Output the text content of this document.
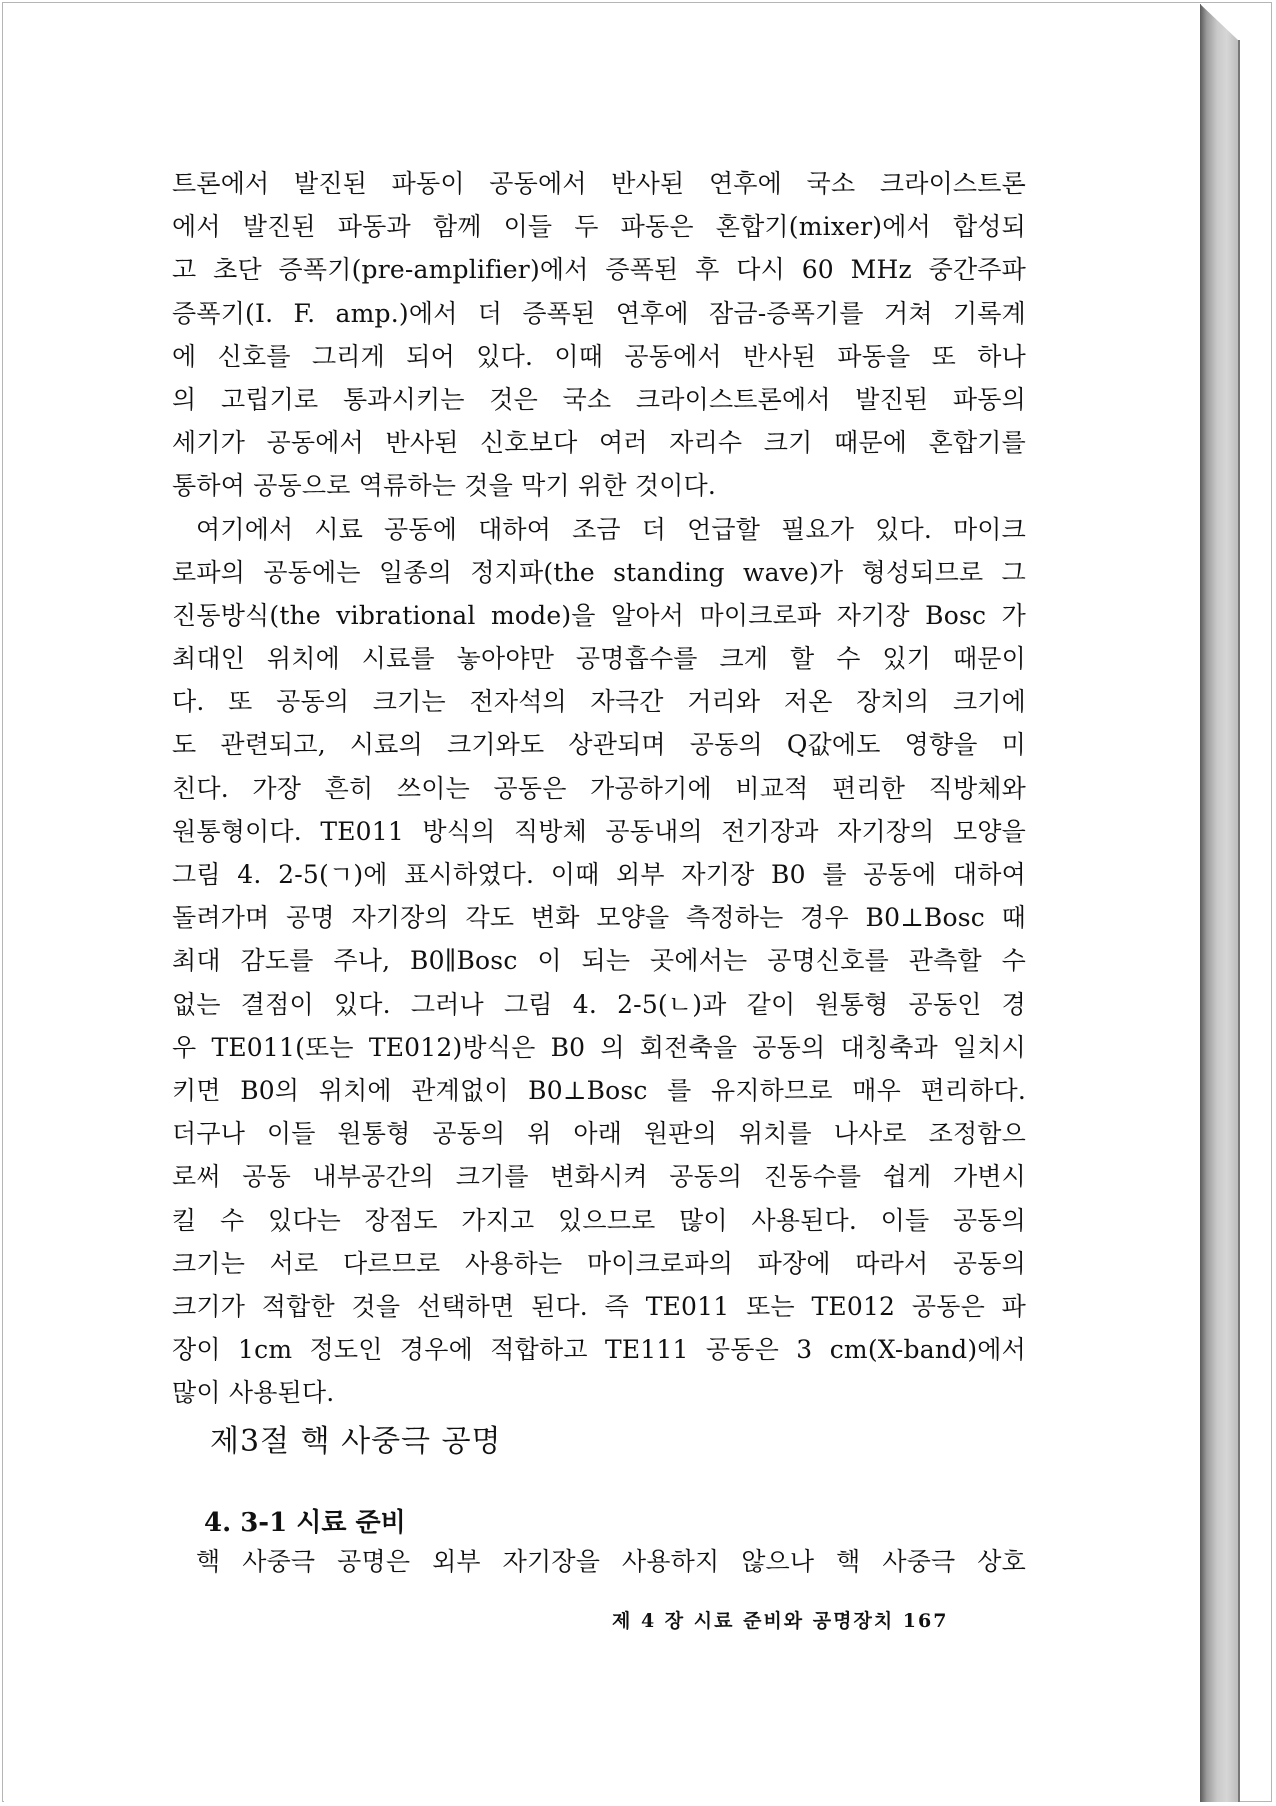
트론에서 발진된 파동이 공동에서 반사된 연후에 국소 크라이스트론
에서 발진된 파동과 함께 이들 두 파동은 혼합기(mixer)에서 합성되
고 초단 증폭기(pre-amplifier)에서 증폭된 후 다시 60 MHz 중간주파
증폭기(I. F. amp.)에서 더 증폭된 연후에 잠금-증폭기를 거쳐 기록계
에 신호를 그리게 되어 있다. 이때 공동에서 반사된 파동을 또 하나
의 고립기로 통과시키는 것은 국소 크라이스트론에서 발진된 파동의
세기가 공동에서 반사된 신호보다 여러 자리수 크기 때문에 혼합기를
통하여 공동으로 역류하는 것을 막기 위한 것이다.
여기에서 시료 공동에 대하여 조금 더 언급할 필요가 있다. 마이크
로파의 공동에는 일종의 정지파(the standing wave)가 형성되므로 그
진동방식(the vibrational mode)을 알아서 마이크로파 자기장 Bosc 가
최대인 위치에 시료를 놓아야만 공명흡수를 크게 할 수 있기 때문이
다. 또 공동의 크기는 전자석의 자극간 거리와 저온 장치의 크기에
도 관련되고, 시료의 크기와도 상관되며 공동의 Q값에도 영향을 미
친다. 가장 흔히 쓰이는 공동은 가공하기에 비교적 편리한 직방체와
원통형이다. TE011 방식의 직방체 공동내의 전기장과 자기장의 모양을
그림 4. 2-5(ㄱ)에 표시하였다. 이때 외부 자기장 B0 를 공동에 대하여
돌려가며 공명 자기장의 각도 변화 모양을 측정하는 경우 B0⊥Bosc 때
최대 감도를 주나, B0∥Bosc 이 되는 곳에서는 공명신호를 관측할 수
없는 결점이 있다. 그러나 그림 4. 2-5(ㄴ)과 같이 원통형 공동인 경
우 TE011(또는 TE012)방식은 B0 의 회전축을 공동의 대칭축과 일치시
키면 B0의 위치에 관계없이 B0⊥Bosc 를 유지하므로 매우 편리하다.
더구나 이들 원통형 공동의 위 아래 원판의 위치를 나사로 조정함으
로써 공동 내부공간의 크기를 변화시켜 공동의 진동수를 쉽게 가변시
킬 수 있다는 장점도 가지고 있으므로 많이 사용된다. 이들 공동의
크기는 서로 다르므로 사용하는 마이크로파의 파장에 따라서 공동의
크기가 적합한 것을 선택하면 된다. 즉 TE011 또는 TE012 공동은 파
장이 1cm 정도인 경우에 적합하고 TE111 공동은 3 cm(X-band)에서
많이 사용된다.
제3절 핵 사중극 공명
4. 3-1 시료 준비
핵 사중극 공명은 외부 자기장을 사용하지 않으나 핵 사중극 상호
제 4 장 시료 준비와 공명장치 167
